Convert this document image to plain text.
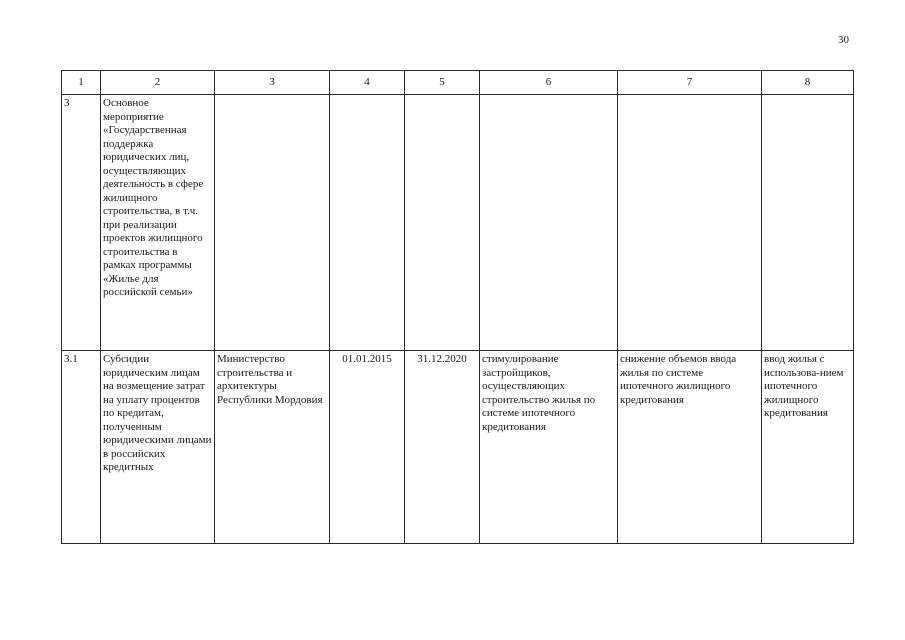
30
1	2	3	4	5	6	7	8
3	Основное мероприятие «Государственная поддержка юридических лиц, осуществляющих деятельность в сфере жилищного строительства, в т.ч. при реализации проектов жилищного строительства в рамках программы «Жилье для российской семьи»						
3.1	Субсидии юридическим лицам на возмещение затрат на уплату процентов по кредитам, полученным юридическими лицами в российских кредитных	Министерство строительства и архитектуры Республики Мордовия	01.01.2015	31.12.2020	стимулирование застройщиков, осуществляющих строительство жилья по системе ипотечного кредитования	снижение объемов ввода жилья по системе ипотечного жилищного кредитования	ввод жилья с использова-нием ипотечного жилищного кредитования
